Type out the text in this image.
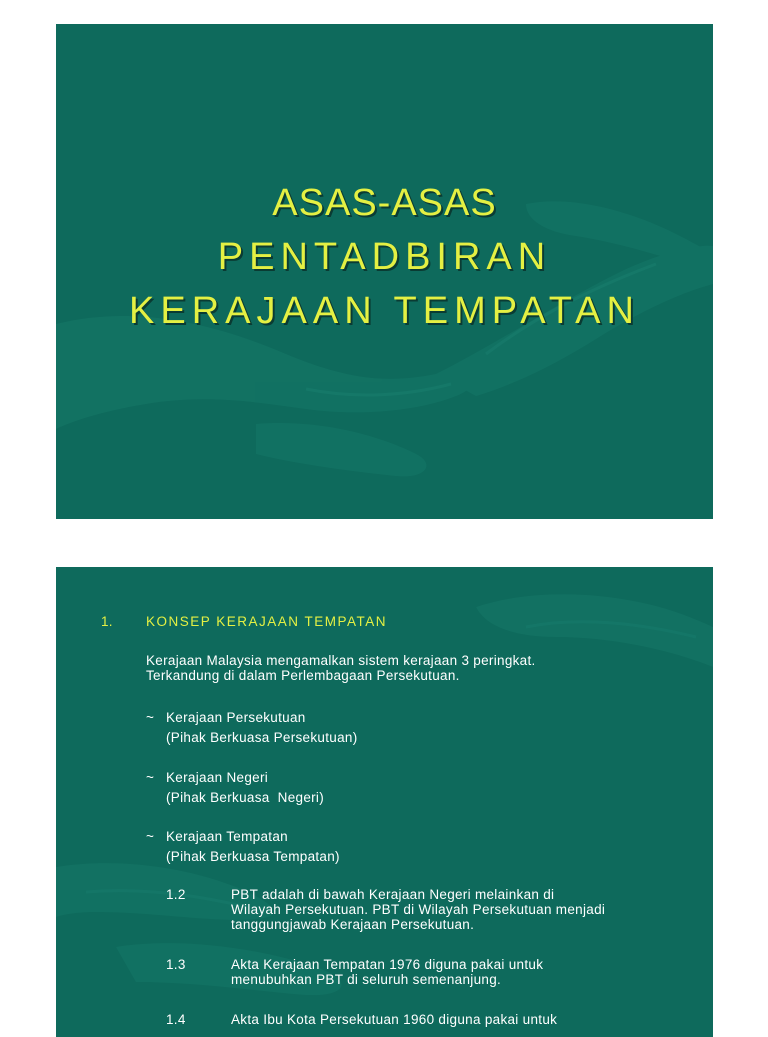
ASAS-ASAS
PENTADBIRAN
KERAJAAN TEMPATAN
1. KONSEP KERAJAAN TEMPATAN
Kerajaan Malaysia mengamalkan sistem kerajaan 3 peringkat.
Terkandung di dalam Perlembagaan Persekutuan.
~ Kerajaan Persekutuan
(Pihak Berkuasa Persekutuan)
~ Kerajaan Negeri
(Pihak Berkuasa  Negeri)
~ Kerajaan Tempatan
(Pihak Berkuasa Tempatan)
1.2	PBT adalah di bawah Kerajaan Negeri melainkan di
Wilayah Persekutuan. PBT di Wilayah Persekutuan menjadi
tanggungjawab Kerajaan Persekutuan.
1.3	Akta Kerajaan Tempatan 1976 diguna pakai untuk
menubuhkan PBT di seluruh semenanjung.
1.4	Akta Ibu Kota Persekutuan 1960 diguna pakai untuk
